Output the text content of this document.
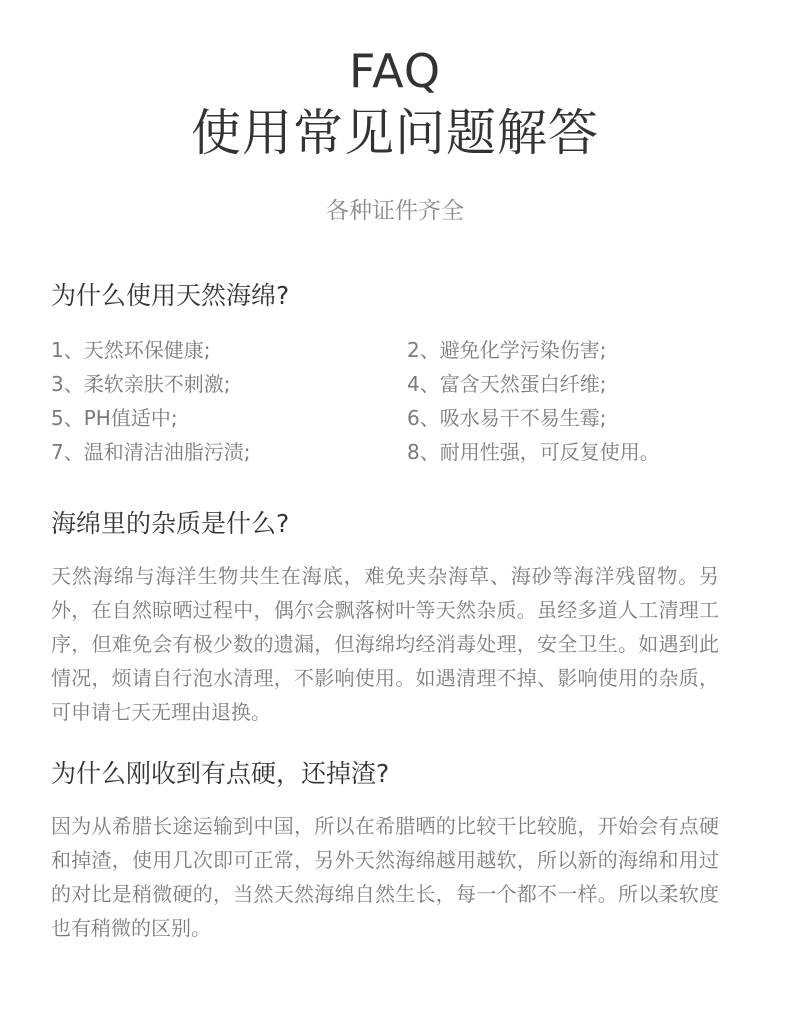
FAQ
使用常见问题解答
各种证件齐全
为什么使用天然海绵?
1、天然环保健康;	2、避免化学污染伤害;
3、柔软亲肤不刺激;	4、富含天然蛋白纤维;
5、PH值适中;	6、吸水易干不易生霉;
7、温和清洁油脂污渍;	8、耐用性强，可反复使用。
海绵里的杂质是什么?
天然海绵与海洋生物共生在海底，难免夹杂海草、海砂等海洋残留物。另外，在自然晾晒过程中，偶尔会飘落树叶等天然杂质。虽经多道人工清理工序，但难免会有极少数的遗漏，但海绵均经消毒处理，安全卫生。如遇到此情况，烦请自行泡水清理，不影响使用。如遇清理不掉、影响使用的杂质，可申请七天无理由退换。
为什么刚收到有点硬，还掉渣?
因为从希腊长途运输到中国，所以在希腊晒的比较干比较脆，开始会有点硬和掉渣，使用几次即可正常，另外天然海绵越用越软，所以新的海绵和用过的对比是稍微硬的，当然天然海绵自然生长，每一个都不一样。所以柔软度也有稍微的区别。
